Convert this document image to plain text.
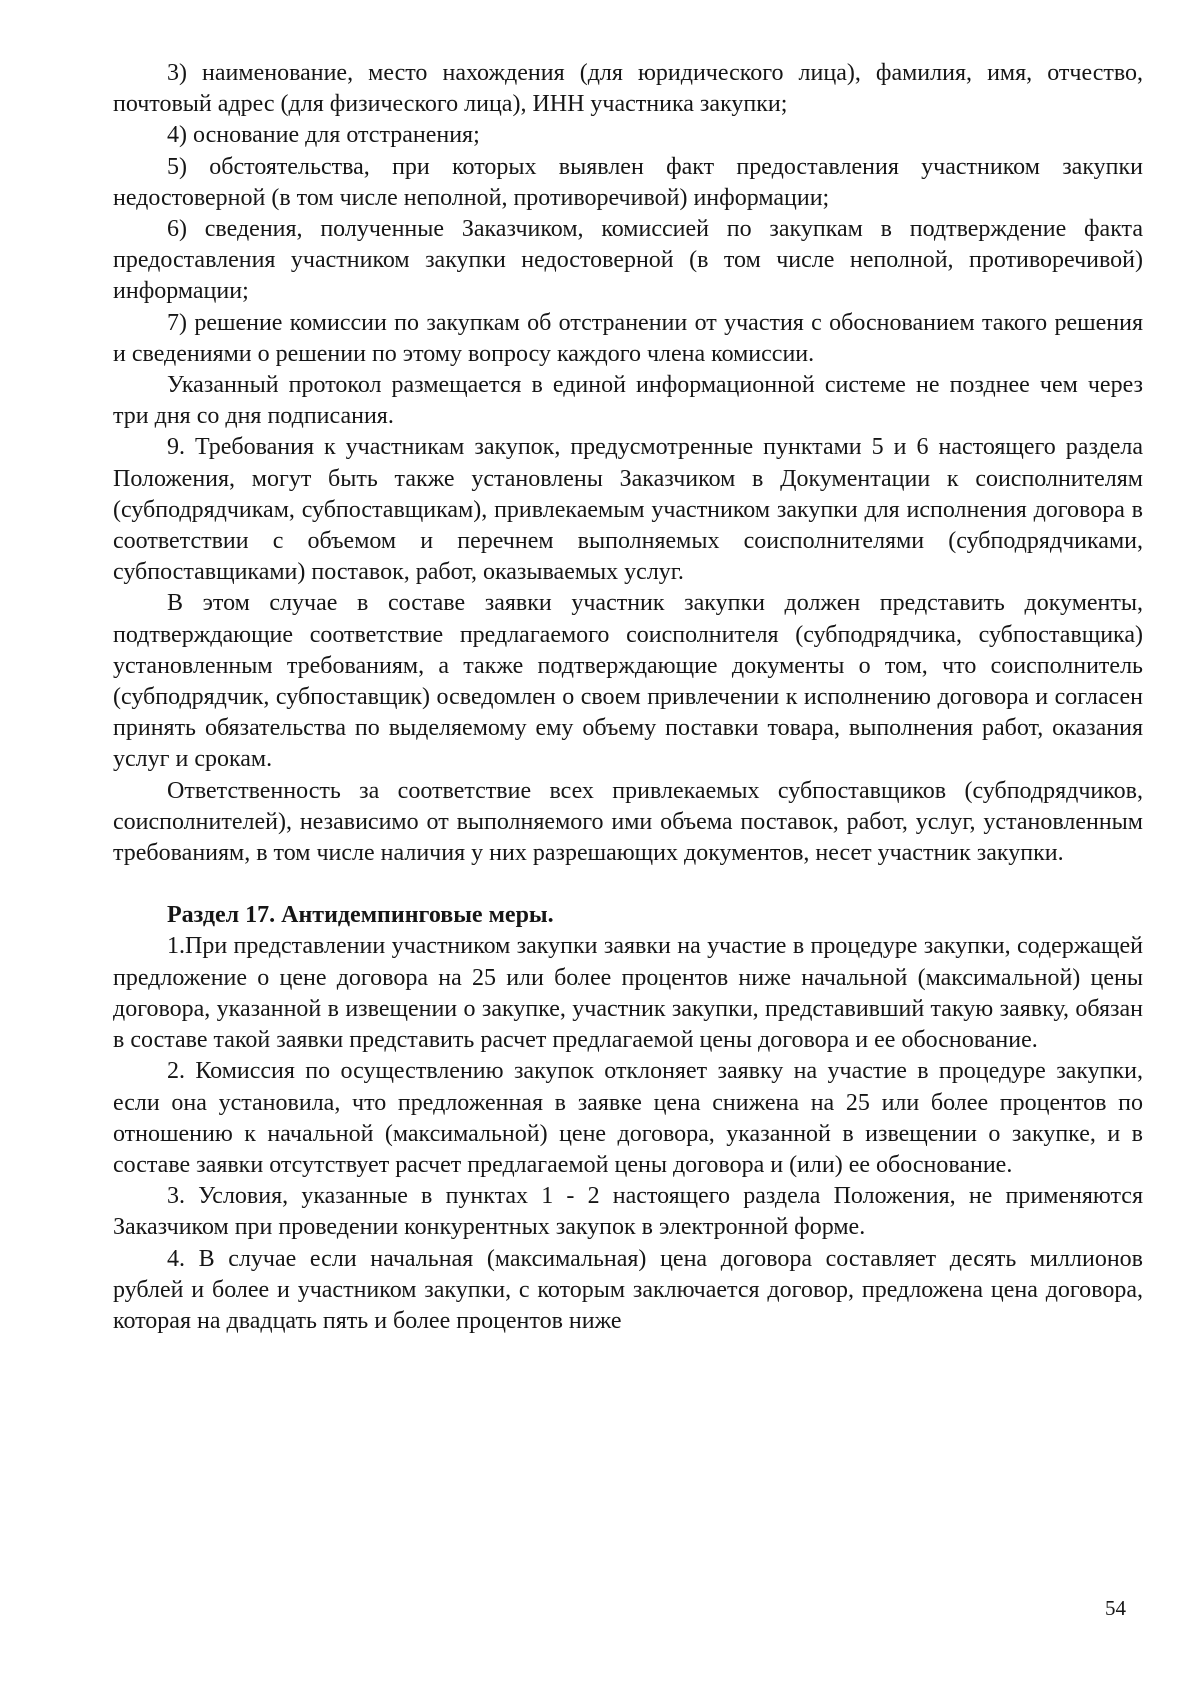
3) наименование, место нахождения (для юридического лица), фамилия, имя, отчество, почтовый адрес (для физического лица), ИНН участника закупки;

4) основание для отстранения;

5) обстоятельства, при которых выявлен факт предоставления участником закупки недостоверной (в том числе неполной, противоречивой) информации;

6) сведения, полученные Заказчиком, комиссией по закупкам в подтверждение факта предоставления участником закупки недостоверной (в том числе неполной, противоречивой) информации;

7) решение комиссии по закупкам об отстранении от участия с обоснованием такого решения и сведениями о решении по этому вопросу каждого члена комиссии.

Указанный протокол размещается в единой информационной системе не позднее чем через три дня со дня подписания.

9. Требования к участникам закупок, предусмотренные пунктами 5 и 6 настоящего раздела Положения, могут быть также установлены Заказчиком в Документации к соисполнителям (субподрядчикам, субпоставщикам), привлекаемым участником закупки для исполнения договора в соответствии с объемом и перечнем выполняемых соисполнителями (субподрядчиками, субпоставщиками) поставок, работ, оказываемых услуг.

В этом случае в составе заявки участник закупки должен представить документы, подтверждающие соответствие предлагаемого соисполнителя (субподрядчика, субпоставщика) установленным требованиям, а также подтверждающие документы о том, что соисполнитель (субподрядчик, субпоставщик) осведомлен о своем привлечении к исполнению договора и согласен принять обязательства по выделяемому ему объему поставки товара, выполнения работ, оказания услуг и срокам.

Ответственность за соответствие всех привлекаемых субпоставщиков (субподрядчиков, соисполнителей), независимо от выполняемого ими объема поставок, работ, услуг, установленным требованиям, в том числе наличия у них разрешающих документов, несет участник закупки.

Раздел 17. Антидемпинговые меры.

1.При представлении участником закупки заявки на участие в процедуре закупки, содержащей предложение о цене договора на 25 или более процентов ниже начальной (максимальной) цены договора, указанной в извещении о закупке, участник закупки, представивший такую заявку, обязан в составе такой заявки представить расчет предлагаемой цены договора и ее обоснование.

2. Комиссия по осуществлению закупок отклоняет заявку на участие в процедуре закупки, если она установила, что предложенная в заявке цена снижена на 25 или более процентов по отношению к начальной (максимальной) цене договора, указанной в извещении о закупке, и в составе заявки отсутствует расчет предлагаемой цены договора и (или) ее обоснование.

3. Условия, указанные в пунктах 1 - 2 настоящего раздела Положения, не применяются Заказчиком при проведении конкурентных закупок в электронной форме.

4. В случае если начальная (максимальная) цена договора составляет десять миллионов рублей и более и участником закупки, с которым заключается договор, предложена цена договора, которая на двадцать пять и более процентов ниже

54
